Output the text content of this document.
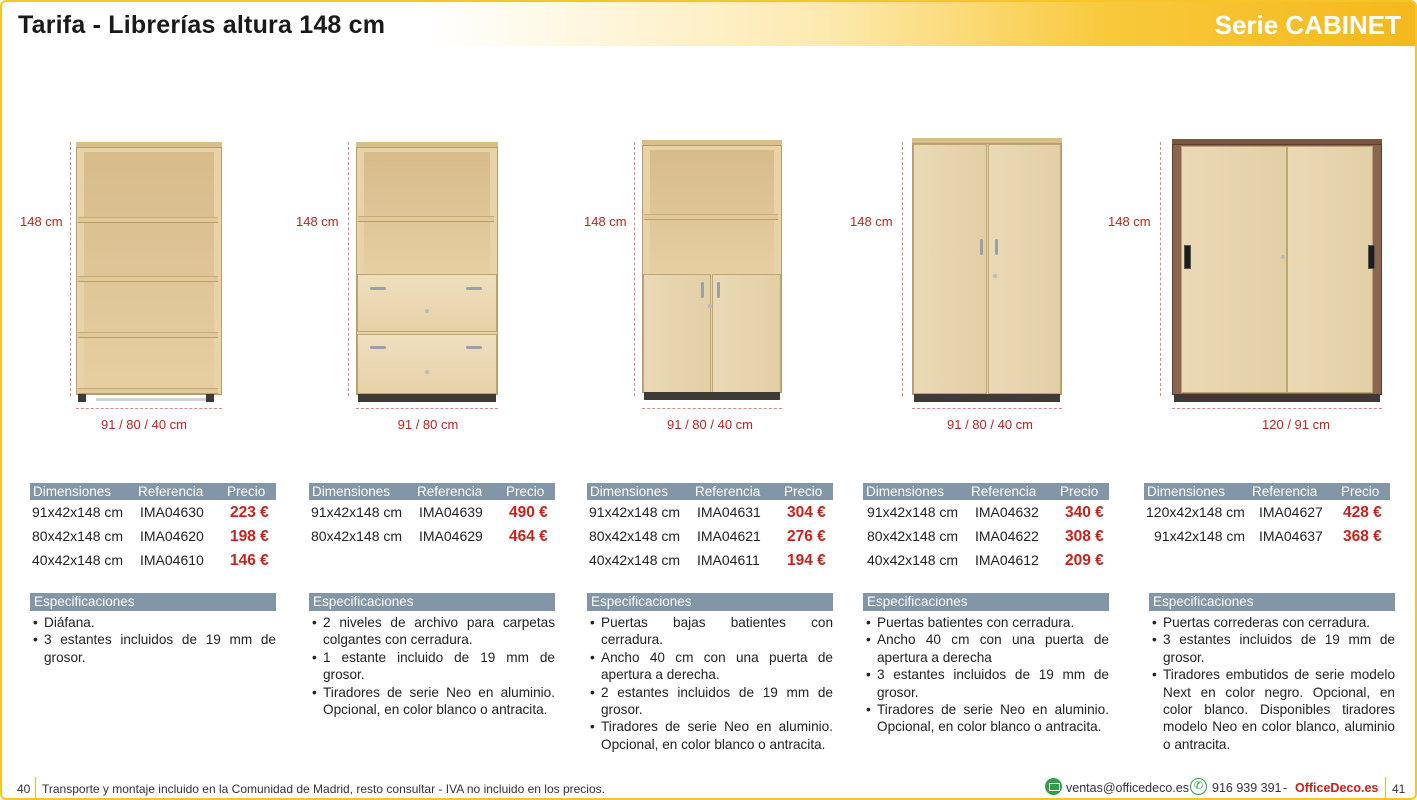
Tarifa - Librerías altura 148 cm	Serie CABINET
148 cm
91 / 80 / 40 cm
148 cm
91 / 80 cm
148 cm
91 / 80 / 40 cm
148 cm
91 / 80 / 40 cm
148 cm
120 / 91 cm
Dimensiones Referencia Precio
91x42x148 cm IMA04630 223 €
80x42x148 cm IMA04620 198 €
40x42x148 cm IMA04610 146 €
Dimensiones Referencia Precio
91x42x148 cm IMA04639 490 €
80x42x148 cm IMA04629 464 €
Dimensiones Referencia Precio
91x42x148 cm IMA04631 304 €
80x42x148 cm IMA04621 276 €
40x42x148 cm IMA04611 194 €
Dimensiones Referencia Precio
91x42x148 cm IMA04632 340 €
80x42x148 cm IMA04622 308 €
40x42x148 cm IMA04612 209 €
Dimensiones Referencia Precio
120x42x148 cm IMA04627 428 €
91x42x148 cm IMA04637 368 €
Especificaciones
• Diáfana.
• 3 estantes incluidos de 19 mm de grosor.
Especificaciones
• 2 niveles de archivo para carpetas colgantes con cerradura.
• 1 estante incluido de 19 mm de grosor.
• Tiradores de serie Neo en aluminio. Opcional, en color blanco o antracita.
Especificaciones
• Puertas bajas batientes con cerradura.
• Ancho 40 cm con una puerta de apertura a derecha.
• 2 estantes incluidos de 19 mm de grosor.
• Tiradores de serie Neo en aluminio. Opcional, en color blanco o antracita.
Especificaciones
• Puertas batientes con cerradura.
• Ancho 40 cm con una puerta de apertura a derecha
• 3 estantes incluidos de 19 mm de grosor.
• Tiradores de serie Neo en aluminio. Opcional, en color blanco o antracita.
Especificaciones
• Puertas correderas con cerradura.
• 3 estantes incluidos de 19 mm de grosor.
• Tiradores embutidos de serie modelo Next en color negro. Opcional, en color blanco. Disponibles tiradores modelo Neo en color blanco, aluminio o antracita.
40 Transporte y montaje incluido en la Comunidad de Madrid, resto consultar - IVA no incluido en los precios.	ventas@officedeco.es ✆ 916 939 391 - OfficeDeco.es 41
